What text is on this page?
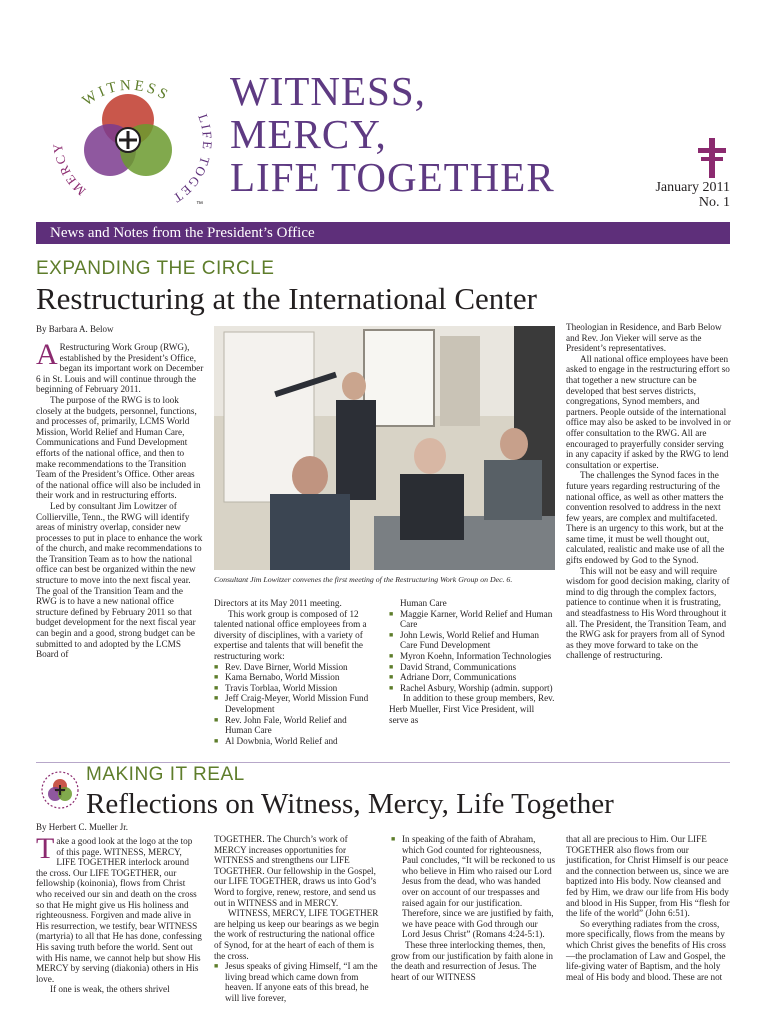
WITNESS
MERCY
LIFE TOGET	™
WITNESS,
MERCY,
LIFE TOGETHER	January 2011
No. 1
News and Notes from the President’s Office
EXPANDING THE CIRCLE
Restructuring at the International Center
By Barbara A. Below

A Restructuring Work Group (RWG), established by the President’s Office, began its important work on December 6 in St. Louis and will continue through the beginning of February 2011.

The purpose of the RWG is to look closely at the budgets, personnel, functions, and processes of, primarily, LCMS World Mission, World Relief and Human Care, Communications and Fund Development efforts of the national office, and then to make recommendations to the Transition Team of the President’s Office. Other areas of the national office will also be included in their work and in restructuring efforts.

Led by consultant Jim Lowitzer of Collierville, Tenn., the RWG will identify areas of ministry overlap, consider new processes to put in place to enhance the work of the church, and make recommendations to the Transition Team as to how the national office can best be organized within the new structure to move into the next fiscal year. The goal of the Transition Team and the RWG is to have a new national office structure defined by February 2011 so that budget development for the next fiscal year can begin and a good, strong budget can be submitted to and adopted by the LCMS Board of

Consultant Jim Lowitzer convenes the first meeting of the Restructuring Work Group on Dec. 6.

Directors at its May 2011 meeting.

This work group is composed of 12 talented national office employees from a diversity of disciplines, with a variety of expertise and talents that will benefit the restructuring work:

■ Rev. Dave Birner, World Mission
■ Kama Bernabo, World Mission
■ Travis Torblaa, World Mission
■ Jeff Craig-Meyer, World Mission Fund Development
■ Rev. John Fale, World Relief and Human Care
■ Al Dowbnia, World Relief and
Human Care
■ Maggie Karner, World Relief and Human Care
■ John Lewis, World Relief and Human Care Fund Development
■ Myron Koehn, Information Technologies
■ David Strand, Communications
■ Adriane Dorr, Communications
■ Rachel Asbury, Worship (admin. support)

In addition to these group members, Rev. Herb Mueller, First Vice President, will serve as

Theologian in Residence, and Barb Below and Rev. Jon Vieker will serve as the President’s representatives.

All national office employees have been asked to engage in the restructuring effort so that together a new structure can be developed that best serves districts, congregations, Synod members, and partners. People outside of the international office may also be asked to be involved in or offer consultation to the RWG. All are encouraged to prayerfully consider serving in any capacity if asked by the RWG to lend consultation or expertise.

The challenges the Synod faces in the future years regarding restructuring of the national office, as well as other matters the convention resolved to address in the next few years, are complex and multifaceted. There is an urgency to this work, but at the same time, it must be well thought out, calculated, realistic and make use of all the gifts endowed by God to the Synod.

This will not be easy and will require wisdom for good decision making, clarity of mind to dig through the complex factors, patience to continue when it is frustrating, and steadfastness to His Word throughout it all. The President, the Transition Team, and the RWG ask for prayers from all of Synod as they move forward to take on the challenge of restructuring.

MAKING IT REAL
Reflections on Witness, Mercy, Life Together
By Herbert C. Mueller Jr.

Take a good look at the logo at the top of this page. WITNESS, MERCY, LIFE TOGETHER interlock around the cross. Our LIFE TOGETHER, our fellowship (koinonia), flows from Christ who received our sin and death on the cross so that He might give us His holiness and righteousness. Forgiven and made alive in His resurrection, we testify, bear WITNESS (martyria) to all that He has done, confessing His saving truth before the world. Sent out with His name, we cannot help but show His MERCY by serving (diakonia) others in His love.

If one is weak, the others shrivel

TOGETHER. The Church’s work of MERCY increases opportunities for WITNESS and strengthens our LIFE TOGETHER. Our fellowship in the Gospel, our LIFE TOGETHER, draws us into God’s Word to forgive, renew, restore, and send us out in WITNESS and in MERCY.

WITNESS, MERCY, LIFE TOGETHER are helping us keep our bearings as we begin the work of restructuring the national office of Synod, for at the heart of each of them is the cross.

■ Jesus speaks of giving Himself, “I am the living bread which came down from heaven. If anyone eats of this bread, he will live forever,
■ In speaking of the faith of Abraham, which God counted for righteousness, Paul concludes, “It will be reckoned to us who believe in Him who raised our Lord Jesus from the dead, who was handed over on account of our trespasses and raised again for our justification. Therefore, since we are justified by faith, we have peace with God through our Lord Jesus Christ” (Romans 4:24-5:1).

These three interlocking themes, then, grow from our justification by faith alone in the death and resurrection of Jesus. The heart of our WITNESS

that all are precious to Him. Our LIFE TOGETHER also flows from our justification, for Christ Himself is our peace and the connection between us, since we are baptized into His body. Now cleansed and fed by Him, we draw our life from His body and blood in His Supper, from His “flesh for the life of the world” (John 6:51).

So everything radiates from the cross, more specifically, flows from the means by which Christ gives the benefits of His cross—the proclamation of Law and Gospel, the life-giving water of Baptism, and the holy meal of His body and blood. These are not
